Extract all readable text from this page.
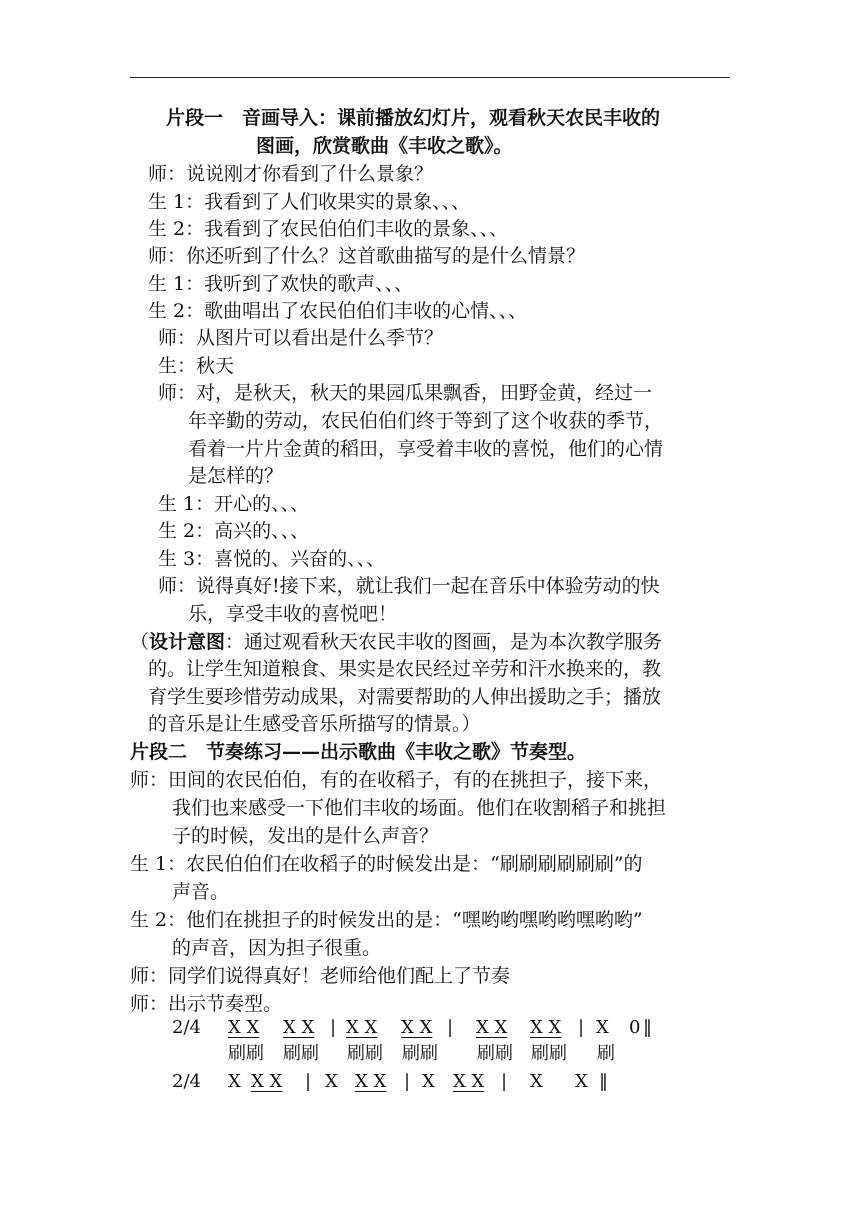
片段一　音画导入：课前播放幻灯片，观看秋天农民丰收的
图画，欣赏歌曲《丰收之歌》。
师：说说刚才你看到了什么景象？
生 1：我看到了人们收果实的景象、、、
生 2：我看到了农民伯伯们丰收的景象、、、
师：你还听到了什么？这首歌曲描写的是什么情景？
生 1：我听到了欢快的歌声、、、
生 2：歌曲唱出了农民伯伯们丰收的心情、、、
师：从图片可以看出是什么季节？
生：秋天
师：对，是秋天，秋天的果园瓜果飘香，田野金黄，经过一
年辛勤的劳动，农民伯伯们终于等到了这个收获的季节，
看着一片片金黄的稻田，享受着丰收的喜悦，他们的心情
是怎样的？
生 1：开心的、、、
生 2：高兴的、、、
生 3：喜悦的、兴奋的、、、
师：说得真好!接下来，就让我们一起在音乐中体验劳动的快
乐，享受丰收的喜悦吧！
（设计意图：通过观看秋天农民丰收的图画，是为本次教学服务
的。让学生知道粮食、果实是农民经过辛劳和汗水换来的，教
育学生要珍惜劳动成果，对需要帮助的人伸出援助之手；播放
的音乐是让生感受音乐所描写的情景。）
片段二　节奏练习——出示歌曲《丰收之歌》节奏型。
师：田间的农民伯伯，有的在收稻子，有的在挑担子，接下来，
我们也来感受一下他们丰收的场面。他们在收割稻子和挑担
子的时候，发出的是什么声音？
生 1：农民伯伯们在收稻子的时候发出是：“刷刷刷刷刷刷”的
声音。
生 2：他们在挑担子的时候发出的是：“嘿哟哟嘿哟哟嘿哟哟”
的声音，因为担子很重。
师：同学们说得真好！老师给他们配上了节奏
师：出示节奏型。
2/4 X X X X | X X X X | X X X X | X 0 ‖
刷刷 刷刷 刷刷 刷刷 刷刷 刷刷 刷
2/4 X X X | X X X | X X X | X X ‖
